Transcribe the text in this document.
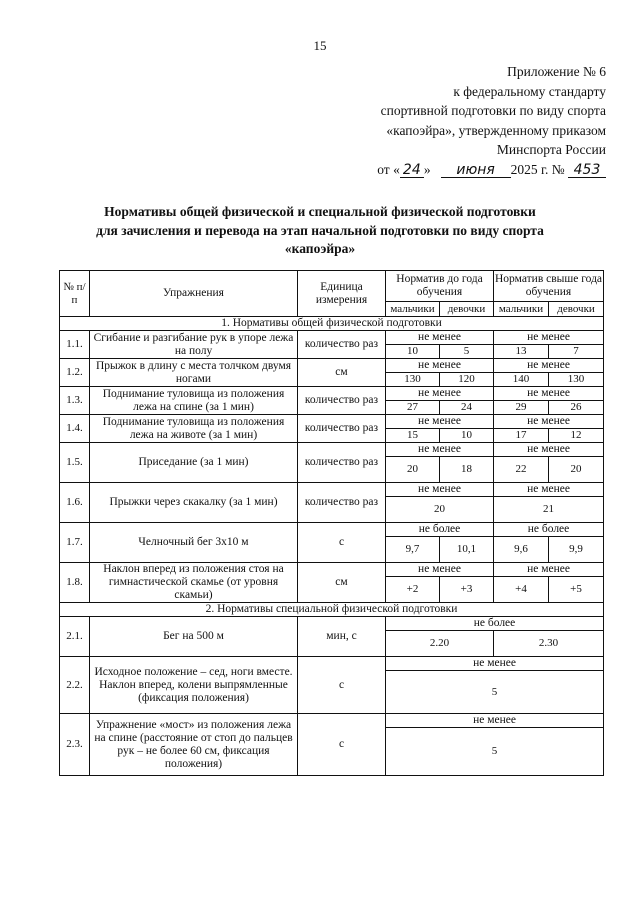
15
Приложение № 6
к федеральному стандарту
спортивной подготовки по виду спорта
«капоэйра», утвержденному приказом
Минспорта России
от « 24 » июня 2025 г. № 453
Нормативы общей физической и специальной физической подготовки
для зачисления и перевода на этап начальной подготовки по виду спорта
«капоэйра»
№ п/п	Упражнения	Единица измерения	Норматив до года обучения		Норматив свыше года обучения	
			мальчики	девочки	мальчики	девочки
1. Нормативы общей физической подготовки						
1.1.	Сгибание и разгибание рук в упоре лежа на полу	количество раз	не менее		не менее	
			10	5	13	7
1.2.	Прыжок в длину с места толчком двумя ногами	см	не менее		не менее	
			130	120	140	130
1.3.	Поднимание туловища из положения лежа на спине (за 1 мин)	количество раз	не менее		не менее	
			27	24	29	26
1.4.	Поднимание туловища из положения лежа на животе (за 1 мин)	количество раз	не менее		не менее	
			15	10	17	12
1.5.	Приседание (за 1 мин)	количество раз	не менее		не менее	
			20	18	22	20
1.6.	Прыжки через скакалку (за 1 мин)	количество раз	не менее		не менее	
			20		21	
1.7.	Челночный бег 3х10 м	с	не более		не более	
			9,7	10,1	9,6	9,9
1.8.	Наклон вперед из положения стоя на гимнастической скамье (от уровня скамьи)	см	не менее		не менее	
			+2	+3	+4	+5
2. Нормативы специальной физической подготовки						
2.1.	Бег на 500 м	мин, с	не более			
			2.20		2.30	
2.2.	Исходное положение – сед, ноги вместе. Наклон вперед, колени выпрямленные (фиксация положения)	с	не менее			
			5			
2.3.	Упражнение «мост» из положения лежа на спине (расстояние от стоп до пальцев рук – не более 60 см, фиксация положения)	с	не менее			
			5			
